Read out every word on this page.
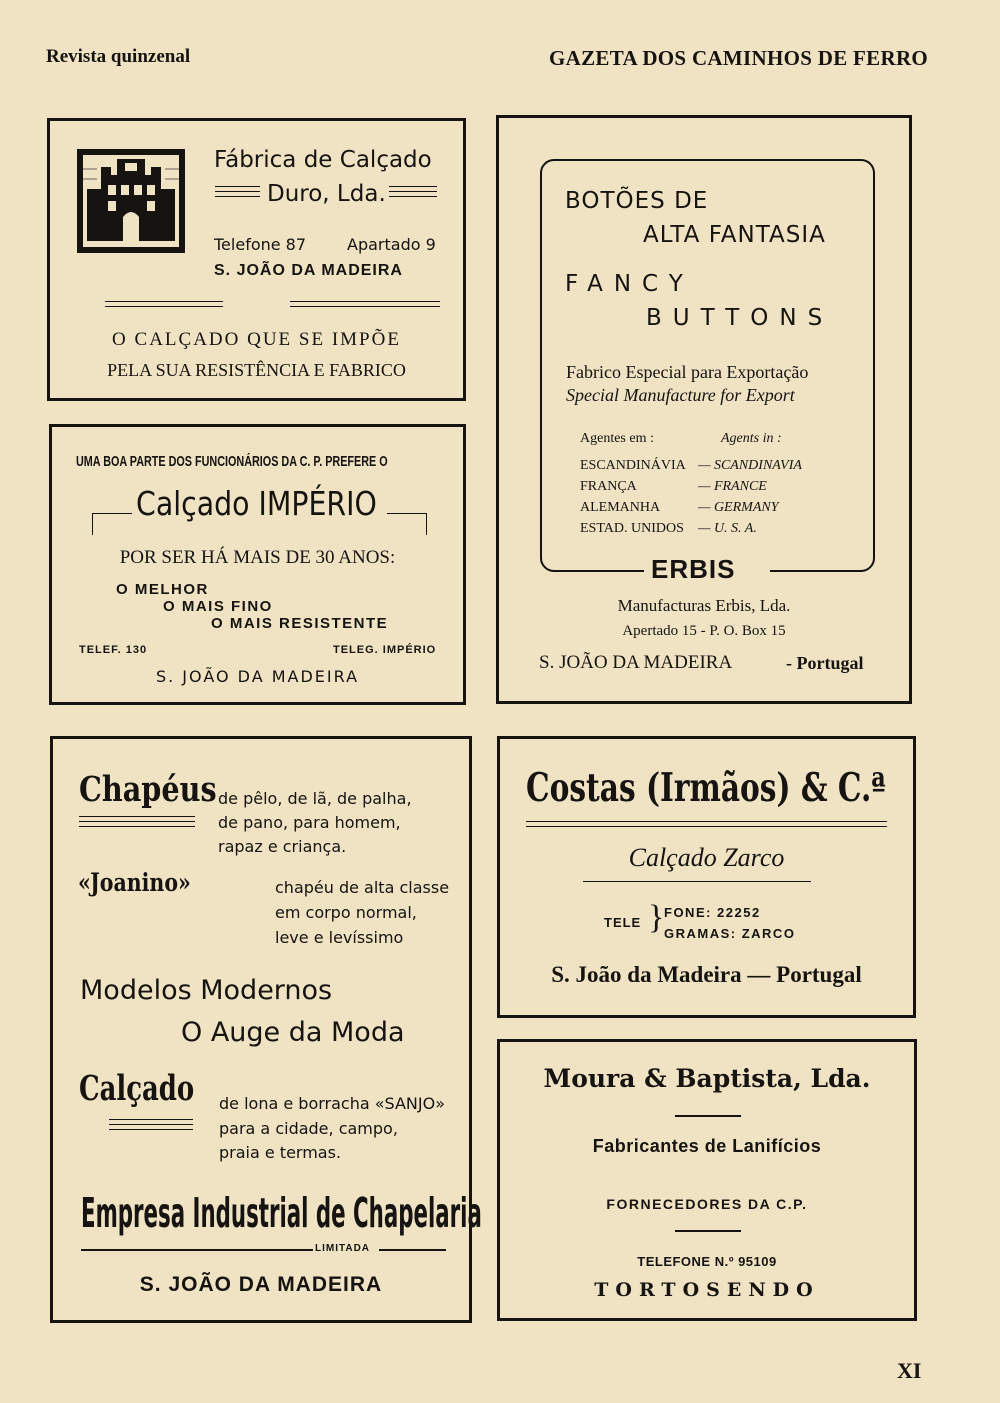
Revista quinzenal	GAZETA DOS CAMINHOS DE FERRO
Fábrica de Calçado
Duro, Lda.
Telefone 87	Apartado 9
S. JOÃO DA MADEIRA
O CALÇADO QUE SE IMPÕE
PELA SUA RESISTÊNCIA E FABRICO
UMA BOA PARTE DOS FUNCIONÁRIOS DA C. P. PREFERE O
Calçado IMPÉRIO
POR SER HÁ MAIS DE 30 ANOS:
O MELHOR
O MAIS FINO
O MAIS RESISTENTE
TELEF. 130	TELEG. IMPÉRIO
S. JOÃO DA MADEIRA
BOTÕES DE
ALTA FANTASIA
FANCY
BUTTONS
Fabrico Especial para Exportação
Special Manufacture for Export
Agentes em :	Agents in :
ESCANDINÁVIA — SCANDINAVIA
FRANÇA	— FRANCE
ALEMANHA	— GERMANY
ESTAD. UNIDOS — U. S. A.
ERBIS
Manufacturas Erbis, Lda.
Apertado 15 - P. O. Box 15
S. JOÃO DA MADEIRA	- Portugal
Chapéus de pêlo, de lã, de palha,
de pano, para homem,
rapaz e criança.
«Joanino»	chapéu de alta classe
em corpo normal,
leve e levíssimo
Modelos Modernos
O Auge da Moda
Calçado de lona e borracha «SANJO»
para a cidade, campo,
praia e termas.
Empresa Industrial de Chapelaria
LIMITADA
S. JOÃO DA MADEIRA
Costas (Irmãos) & C.ª
Calçado Zarco
TELE } FONE: 22252
GRAMAS: ZARCO
S. João da Madeira — Portugal
Moura & Baptista, Lda.
Fabricantes de Lanifícios
FORNECEDORES DA C.P.
TELEFONE N.º 95109
TORTOSENDO
XI
